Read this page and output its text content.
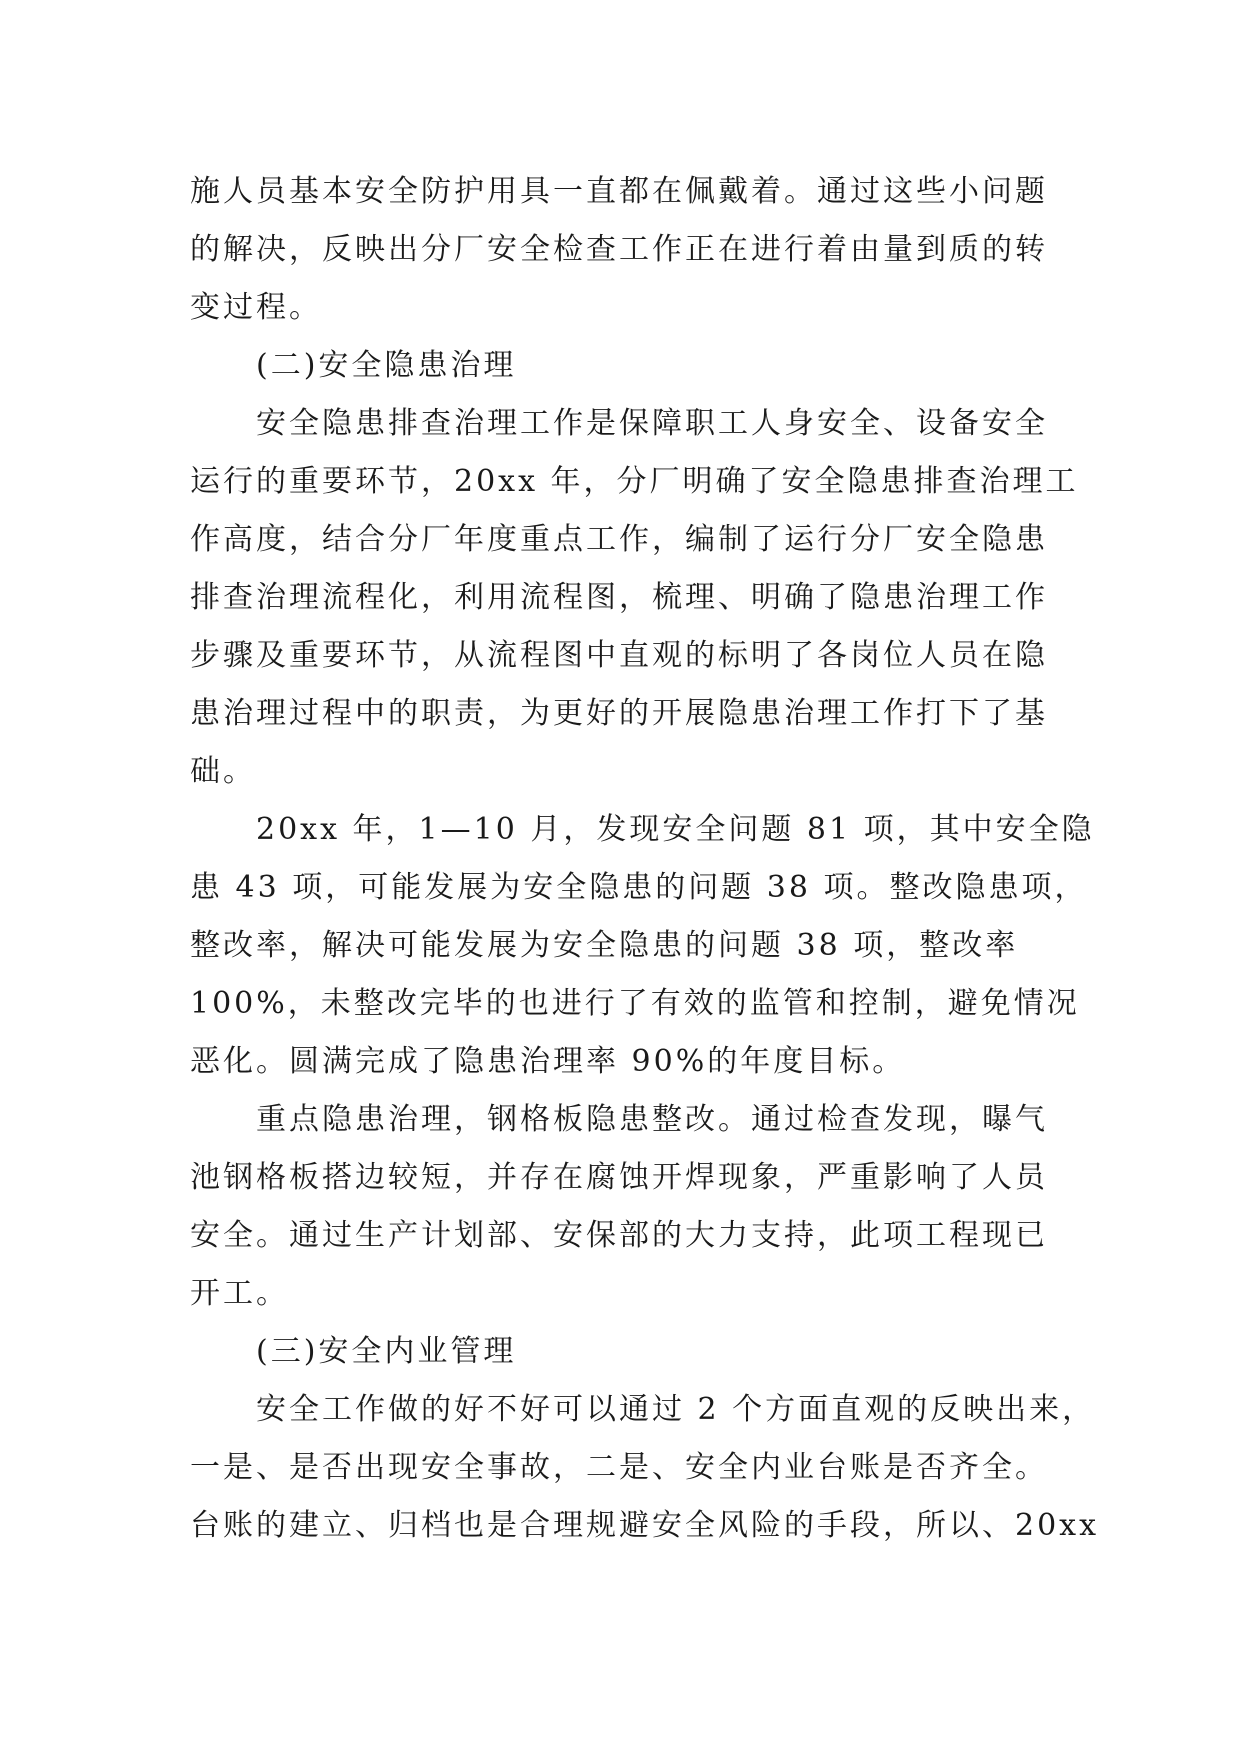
施人员基本安全防护用具一直都在佩戴着。通过这些小问题
的解决，反映出分厂安全检查工作正在进行着由量到质的转
变过程。
(二)安全隐患治理
安全隐患排查治理工作是保障职工人身安全、设备安全
运行的重要环节，20xx 年，分厂明确了安全隐患排查治理工
作高度，结合分厂年度重点工作，编制了运行分厂安全隐患
排查治理流程化，利用流程图，梳理、明确了隐患治理工作
步骤及重要环节，从流程图中直观的标明了各岗位人员在隐
患治理过程中的职责，为更好的开展隐患治理工作打下了基
础。
20xx 年，1—10 月，发现安全问题 81 项，其中安全隐
患 43 项，可能发展为安全隐患的问题 38 项。整改隐患项，
整改率，解决可能发展为安全隐患的问题 38 项，整改率
100%，未整改完毕的也进行了有效的监管和控制，避免情况
恶化。圆满完成了隐患治理率 90%的年度目标。
重点隐患治理，钢格板隐患整改。通过检查发现，曝气
池钢格板搭边较短，并存在腐蚀开焊现象，严重影响了人员
安全。通过生产计划部、安保部的大力支持，此项工程现已
开工。
(三)安全内业管理
安全工作做的好不好可以通过 2 个方面直观的反映出来，
一是、是否出现安全事故，二是、安全内业台账是否齐全。
台账的建立、归档也是合理规避安全风险的手段，所以、20xx
